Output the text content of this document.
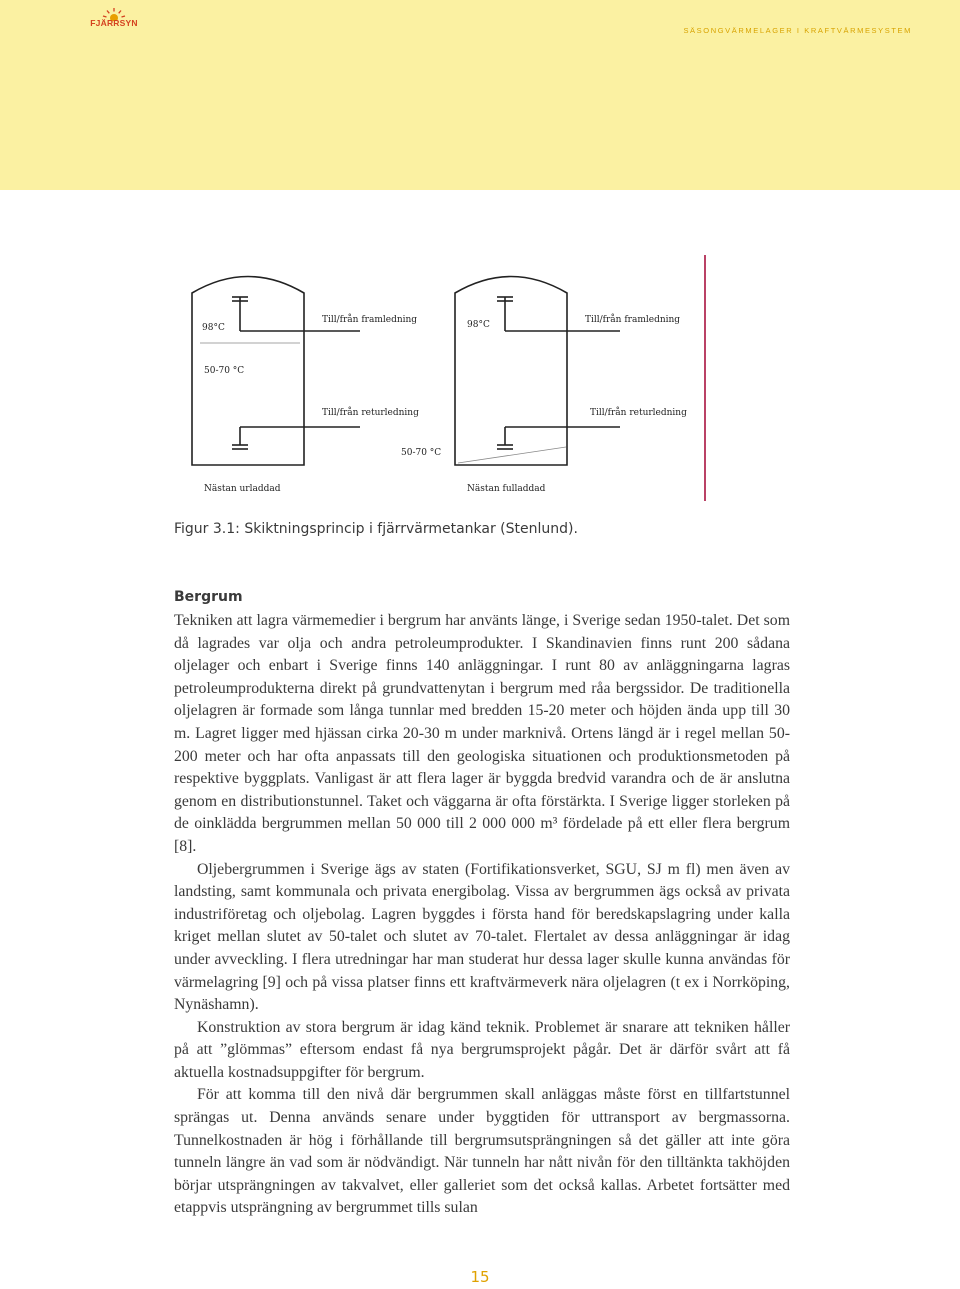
FJÄRRSYN
SÄSONGVÄRMELAGER I KRAFTVÄRMESYSTEM
98°C
50-70 °C
Till/från framledning
Till/från returledning
Nästan urladdad
98°C
50-70 °C
Till/från framledning
Till/från returledning
Nästan fulladdad
Figur 3.1: Skiktningsprincip i fjärrvärmetankar (Stenlund).
Bergrum

Tekniken att lagra värmemedier i bergrum har använts länge, i Sverige sedan 1950-talet. Det som då lagrades var olja och andra petroleumprodukter. I Skandinavien finns runt 200 sådana oljelager och enbart i Sverige finns 140 anläggningar. I runt 80 av anläggningarna lagras petroleumprodukterna direkt på grundvattenytan i bergrum med råa bergssidor. De traditionella oljelagren är formade som långa tunnlar med bredden 15-20 meter och höjden ända upp till 30 m. Lagret ligger med hjässan cirka 20-30 m under marknivå. Ortens längd är i regel mellan 50-200 meter och har ofta anpassats till den geologiska situationen och produktionsmetoden på respektive byggplats. Vanligast är att flera lager är byggda bredvid varandra och de är anslutna genom en distributionstunnel. Taket och väggarna är ofta förstärkta. I Sverige ligger storleken på de oinklädda bergrummen mellan 50 000 till 2 000 000 m³ fördelade på ett eller flera bergrum [8].

Oljebergrummen i Sverige ägs av staten (Fortifikationsverket, SGU, SJ m fl) men även av landsting, samt kommunala och privata energibolag. Vissa av bergrummen ägs också av privata industriföretag och oljebolag. Lagren byggdes i första hand för beredskapslagring under kalla kriget mellan slutet av 50-talet och slutet av 70-talet. Flertalet av dessa anläggningar är idag under avveckling. I flera utredningar har man studerat hur dessa lager skulle kunna användas för värmelagring [9] och på vissa platser finns ett kraftvärmeverk nära oljelagren (t ex i Norrköping, Nynäshamn).

Konstruktion av stora bergrum är idag känd teknik. Problemet är snarare att tekniken håller på att ”glömmas” eftersom endast få nya bergrumsprojekt pågår. Det är därför svårt att få aktuella kostnadsuppgifter för bergrum.

För att komma till den nivå där bergrummen skall anläggas måste först en tillfartstunnel sprängas ut. Denna används senare under byggtiden för uttransport av bergmassorna. Tunnelkostnaden är hög i förhållande till bergrumsutsprängningen så det gäller att inte göra tunneln längre än vad som är nödvändigt. När tunneln har nått nivån för den tilltänkta takhöjden börjar utsprängningen av takvalvet, eller galleriet som det också kallas. Arbetet fortsätter med etappvis utsprängning av bergrummet tills sulan

15
